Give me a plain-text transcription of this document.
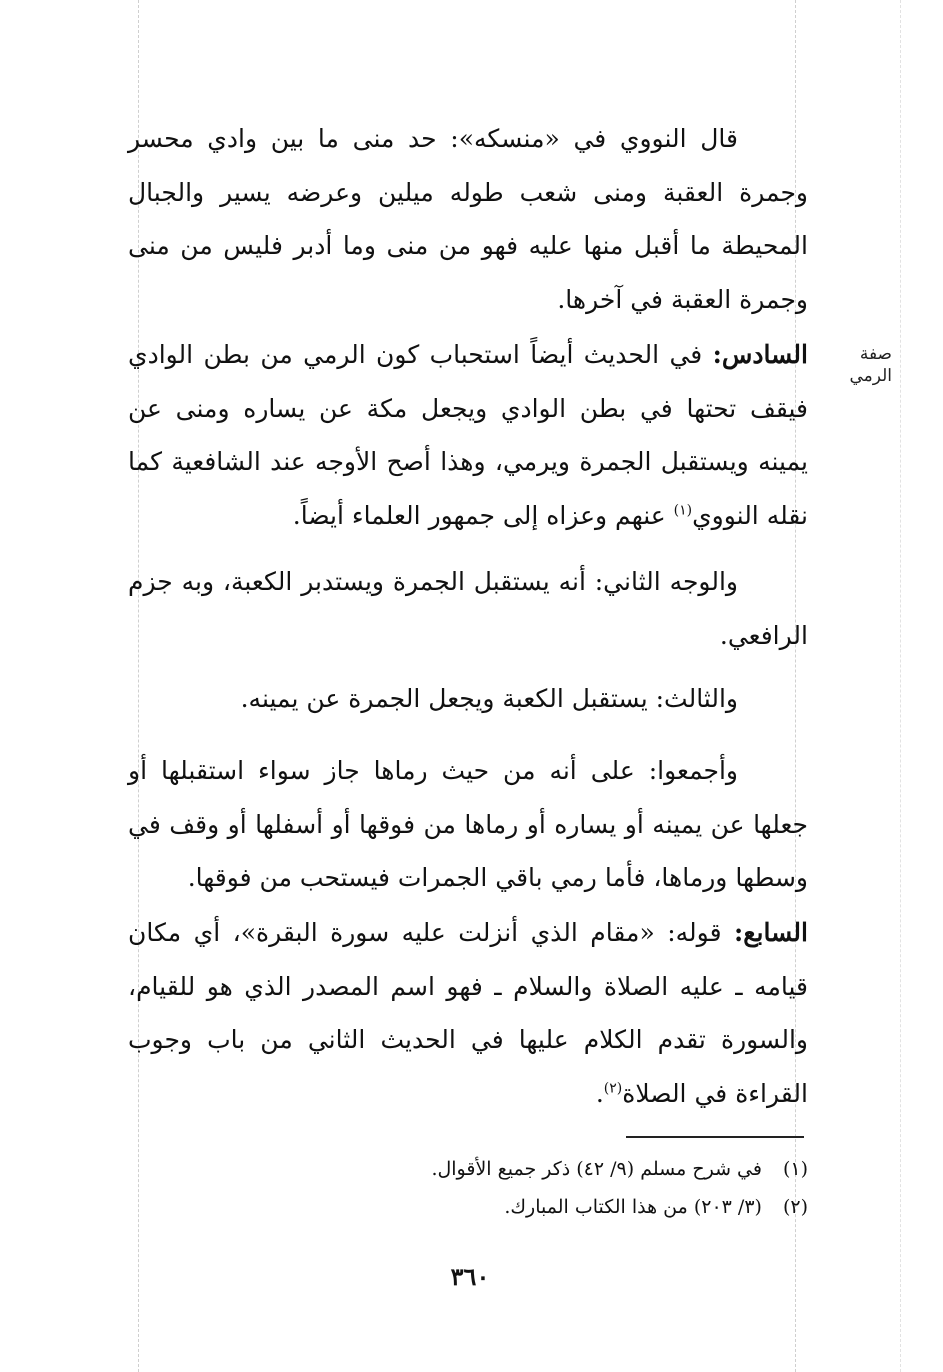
صفة الرمي

قال النووي في «منسكه»: حد منى ما بين وادي محسر وجمرة العقبة ومنى شعب طوله ميلين وعرضه يسير والجبال المحيطة ما أقبل منها عليه فهو من منى وما أدبر فليس من منى وجمرة العقبة في آخرها.

السادس: في الحديث أيضاً استحباب كون الرمي من بطن الوادي فيقف تحتها في بطن الوادي ويجعل مكة عن يساره ومنى عن يمينه ويستقبل الجمرة ويرمي، وهذا أصح الأوجه عند الشافعية كما نقله النووي$^{(١)}$ عنهم وعزاه إلى جمهور العلماء أيضاً.

والوجه الثاني: أنه يستقبل الجمرة ويستدبر الكعبة، وبه جزم الرافعي.

والثالث: يستقبل الكعبة ويجعل الجمرة عن يمينه.

وأجمعوا: على أنه من حيث رماها جاز سواء استقبلها أو جعلها عن يمينه أو يساره أو رماها من فوقها أو أسفلها أو وقف في وسطها ورماها، فأما رمي باقي الجمرات فيستحب من فوقها.

السابع: قوله: «مقام الذي أنزلت عليه سورة البقرة»، أي مكان قيامه ـ عليه الصلاة والسلام ـ فهو اسم المصدر الذي هو للقيام، والسورة تقدم الكلام عليها في الحديث الثاني من باب وجوب القراءة في الصلاة$^{(٢)}$.

(١) في شرح مسلم (٩/ ٤٢) ذكر جميع الأقوال.
(٢) (٣/ ٢٠٣) من هذا الكتاب المبارك.
٣٦٠
